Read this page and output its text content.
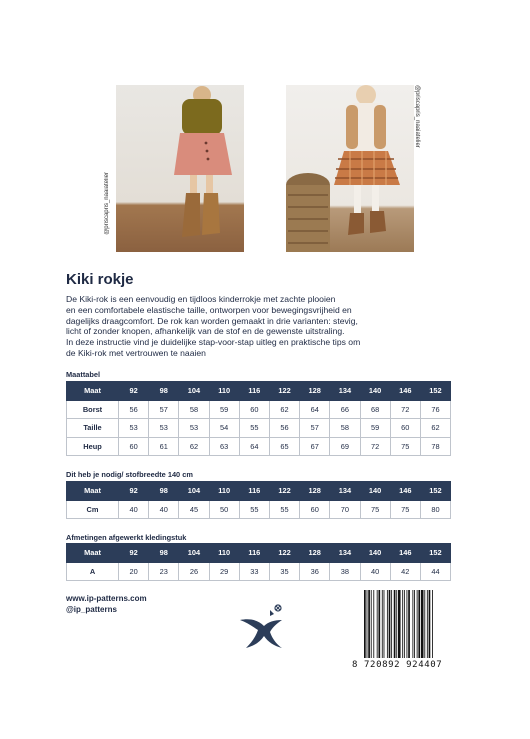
@priscapris_naaiatelier
@priscapris_naaiatelier
Kiki rokje

De Kiki-rok is een eenvoudig en tijdloos kinderrokje met zachte plooien

en een comfortabele elastische taille, ontworpen voor bewegingsvrijheid en

dagelijks draagcomfort. De rok kan worden gemaakt in drie varianten: stevig,

licht of zonder knopen, afhankelijk van de stof en de gewenste uitstraling.

In deze instructie vind je duidelijke stap-voor-stap uitleg en praktische tips om

de Kiki-rok met vertrouwen te naaien

Maattabel
Maat	92	98	104	110	116	122	128	134	140	146	152
Borst	56	57	58	59	60	62	64	66	68	72	76
Taille	53	53	53	54	55	56	57	58	59	60	62
Heup	60	61	62	63	64	65	67	69	72	75	78
Dit heb je nodig/ stofbreedte 140 cm
Maat	92	98	104	110	116	122	128	134	140	146	152
Cm	40	40	45	50	55	55	60	70	75	75	80
Afmetingen afgewerkt kledingstuk
Maat	92	98	104	110	116	122	128	134	140	146	152
A	20	23	26	29	33	35	36	38	40	42	44
www.ip-patterns.com
@ip_patterns
8 720892 924407
